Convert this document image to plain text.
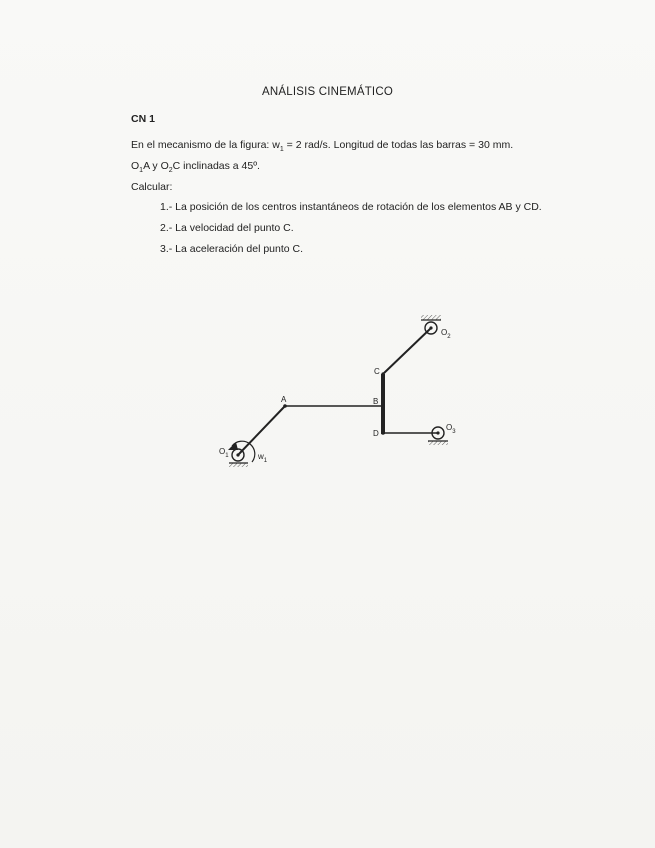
ANÁLISIS CINEMÁTICO
CN 1
En el mecanismo de la figura: $w_1 = 2$ rad/s. Longitud de todas las barras = 30 mm.
$O_1A$ y $O_2C$ inclinadas a 45º.
Calcular:
1.- La posición de los centros instantáneos de rotación de los elementos AB y CD.
2.- La velocidad del punto C.
3.- La aceleración del punto C.
$O_1$	$w_1$
A	B
C
D
$O_2$
$O_3$
